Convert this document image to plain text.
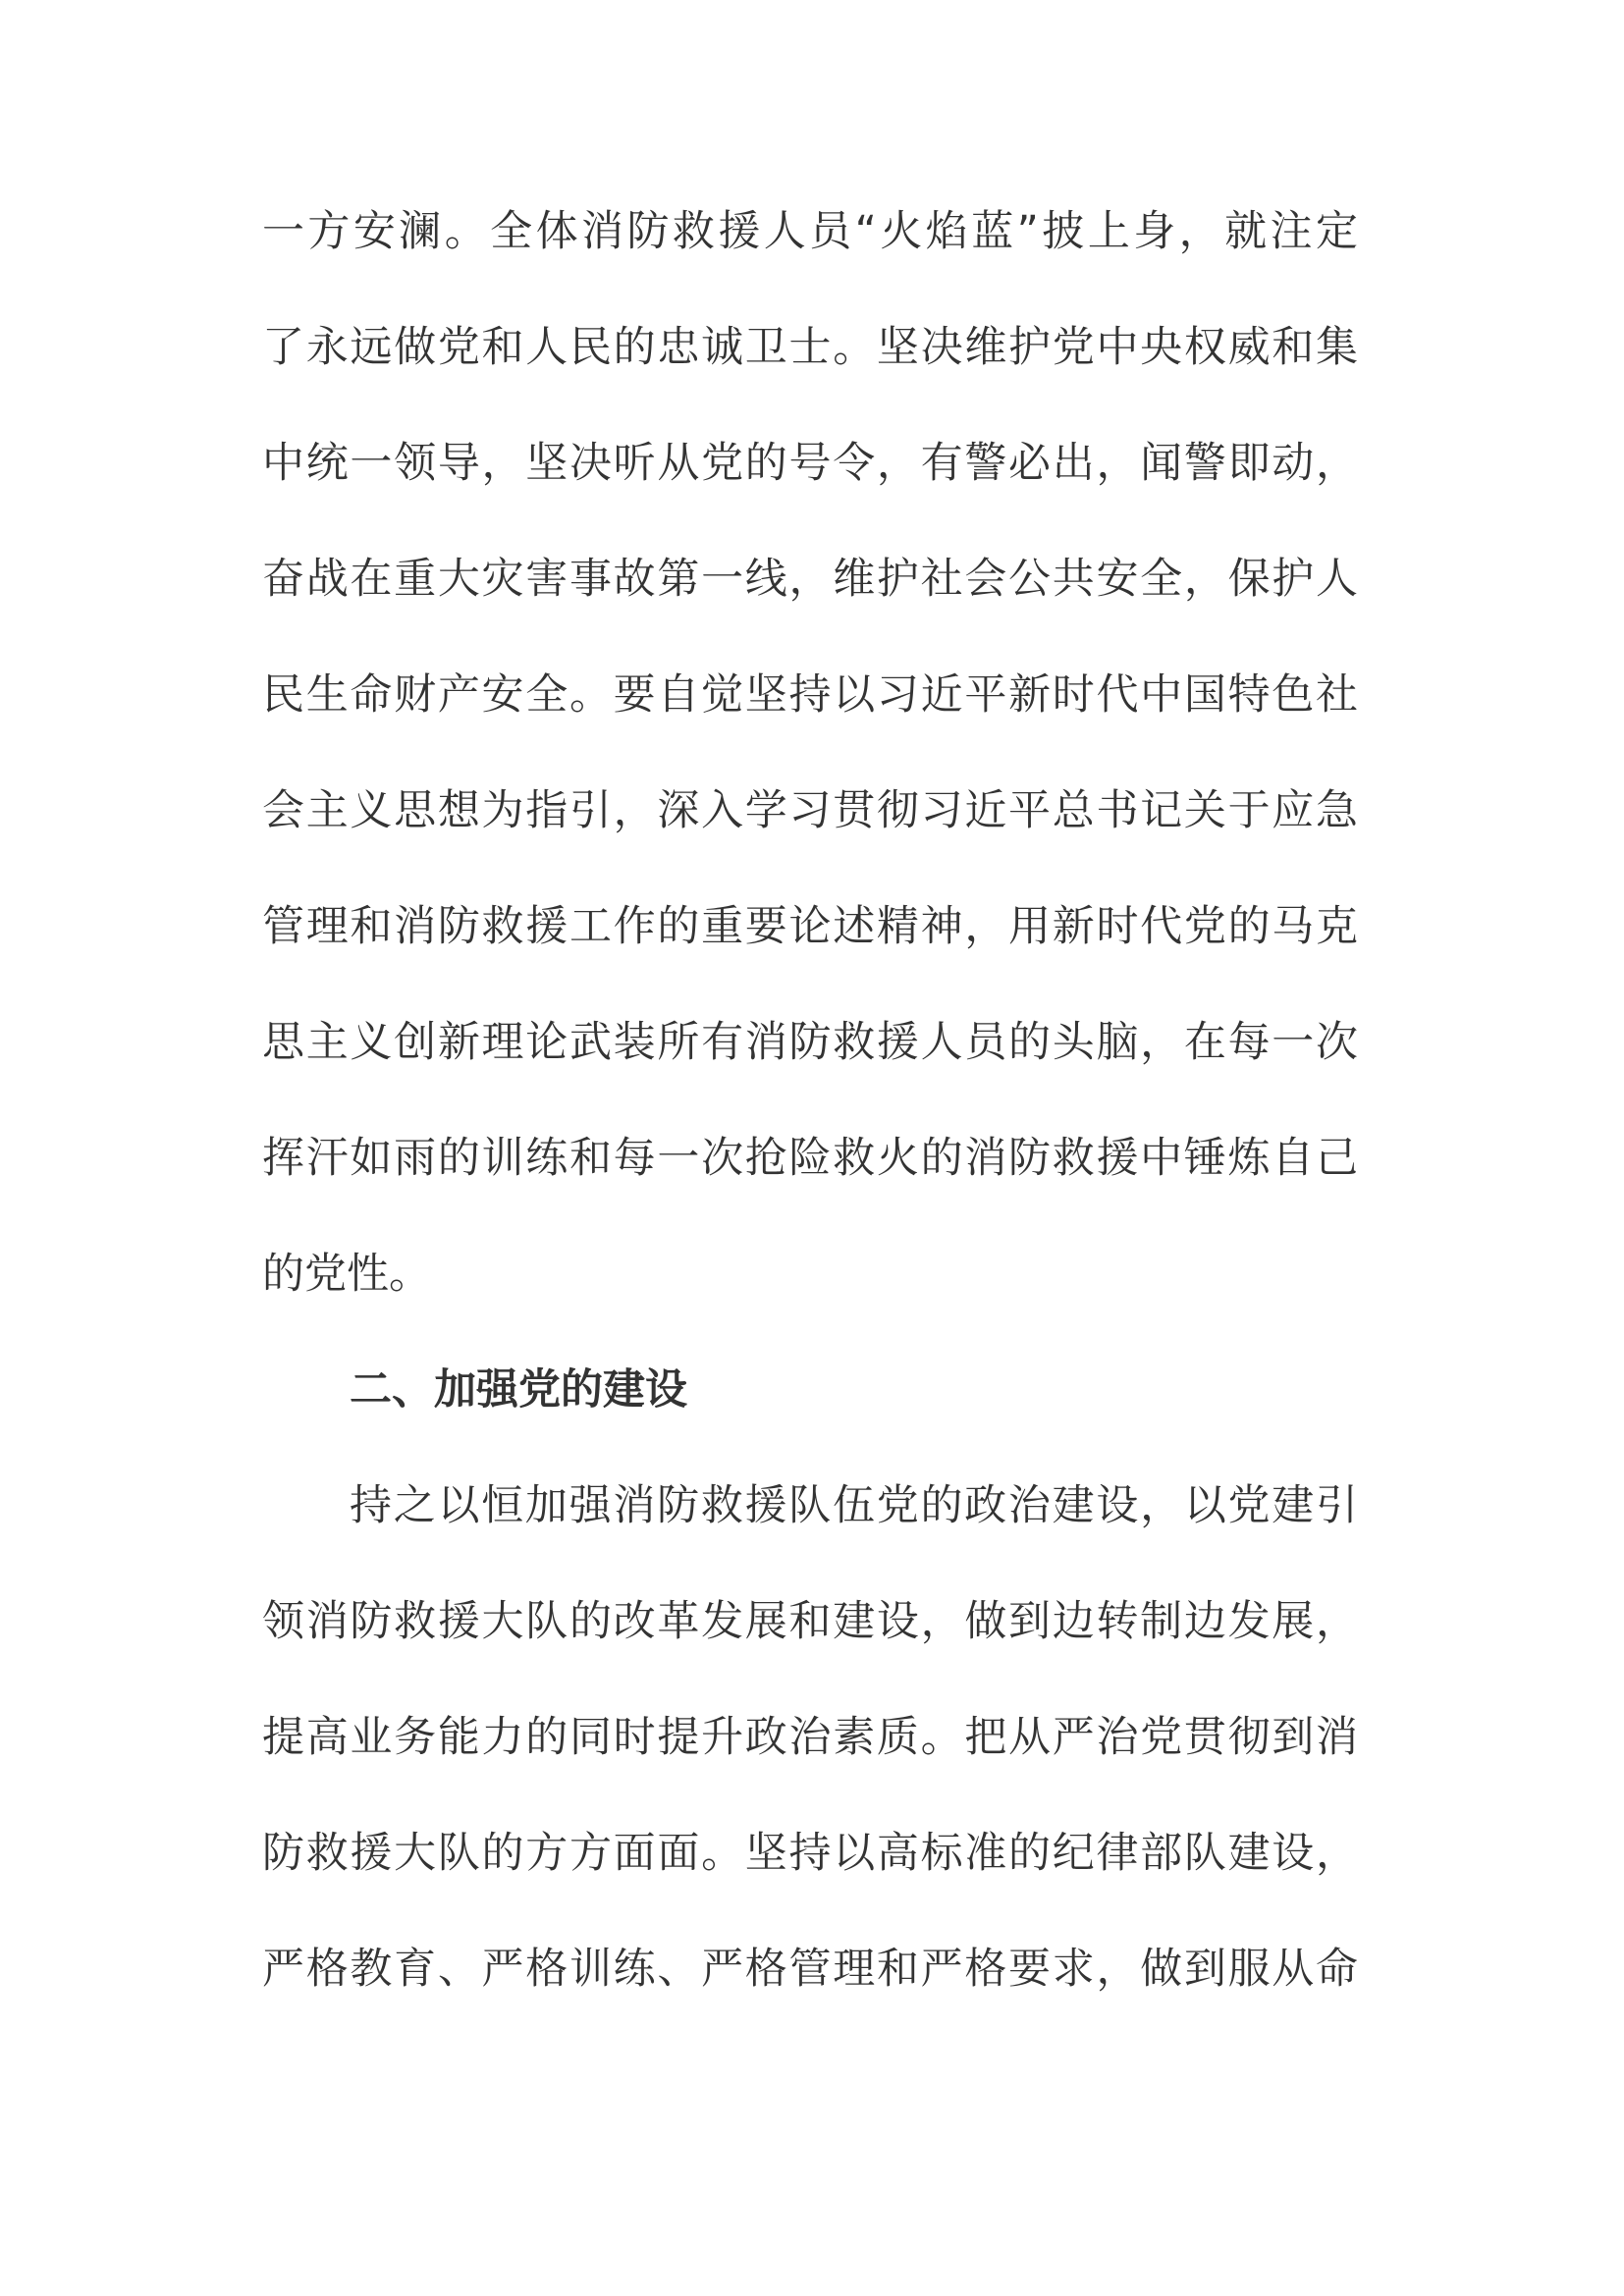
一方安澜。全体消防救援人员“火焰蓝”披上身，就注定
了永远做党和人民的忠诚卫士。坚决维护党中央权威和集
中统一领导，坚决听从党的号令，有警必出，闻警即动，
奋战在重大灾害事故第一线，维护社会公共安全，保护人
民生命财产安全。要自觉坚持以习近平新时代中国特色社
会主义思想为指引，深入学习贯彻习近平总书记关于应急
管理和消防救援工作的重要论述精神，用新时代党的马克
思主义创新理论武装所有消防救援人员的头脑，在每一次
挥汗如雨的训练和每一次抢险救火的消防救援中锤炼自己
的党性。
二、加强党的建设
持之以恒加强消防救援队伍党的政治建设，以党建引
领消防救援大队的改革发展和建设，做到边转制边发展，
提高业务能力的同时提升政治素质。把从严治党贯彻到消
防救援大队的方方面面。坚持以高标准的纪律部队建设，
严格教育、严格训练、严格管理和严格要求，做到服从命
